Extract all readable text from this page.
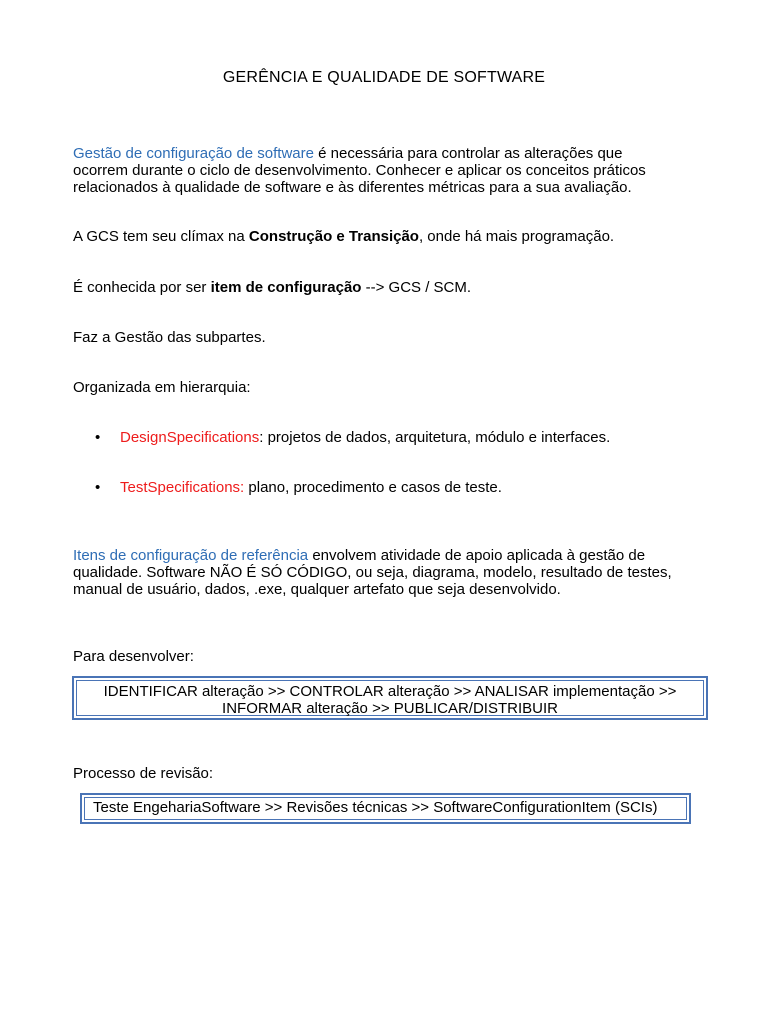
GERÊNCIA E QUALIDADE DE SOFTWARE
Gestão de configuração de software é necessária para controlar as alterações que
ocorrem durante o ciclo de desenvolvimento. Conhecer e aplicar os conceitos práticos
relacionados à qualidade de software e às diferentes métricas para a sua avaliação.
A GCS tem seu clímax na Construção e Transição, onde há mais programação.
É conhecida por ser item de configuração --> GCS / SCM.
Faz a Gestão das subpartes.
Organizada em hierarquia:
• DesignSpecifications: projetos de dados, arquitetura, módulo e interfaces.
• TestSpecifications: plano, procedimento e casos de teste.
Itens de configuração de referência envolvem atividade de apoio aplicada à gestão de
qualidade. Software NÃO É SÓ CÓDIGO, ou seja, diagrama, modelo, resultado de testes,
manual de usuário, dados, .exe, qualquer artefato que seja desenvolvido.
Para desenvolver:
IDENTIFICAR alteração >> CONTROLAR alteração >> ANALISAR implementação >>
INFORMAR alteração >> PUBLICAR/DISTRIBUIR
Processo de revisão:
Teste EngehariaSoftware >> Revisões técnicas >> SoftwareConfigurationItem (SCIs)
